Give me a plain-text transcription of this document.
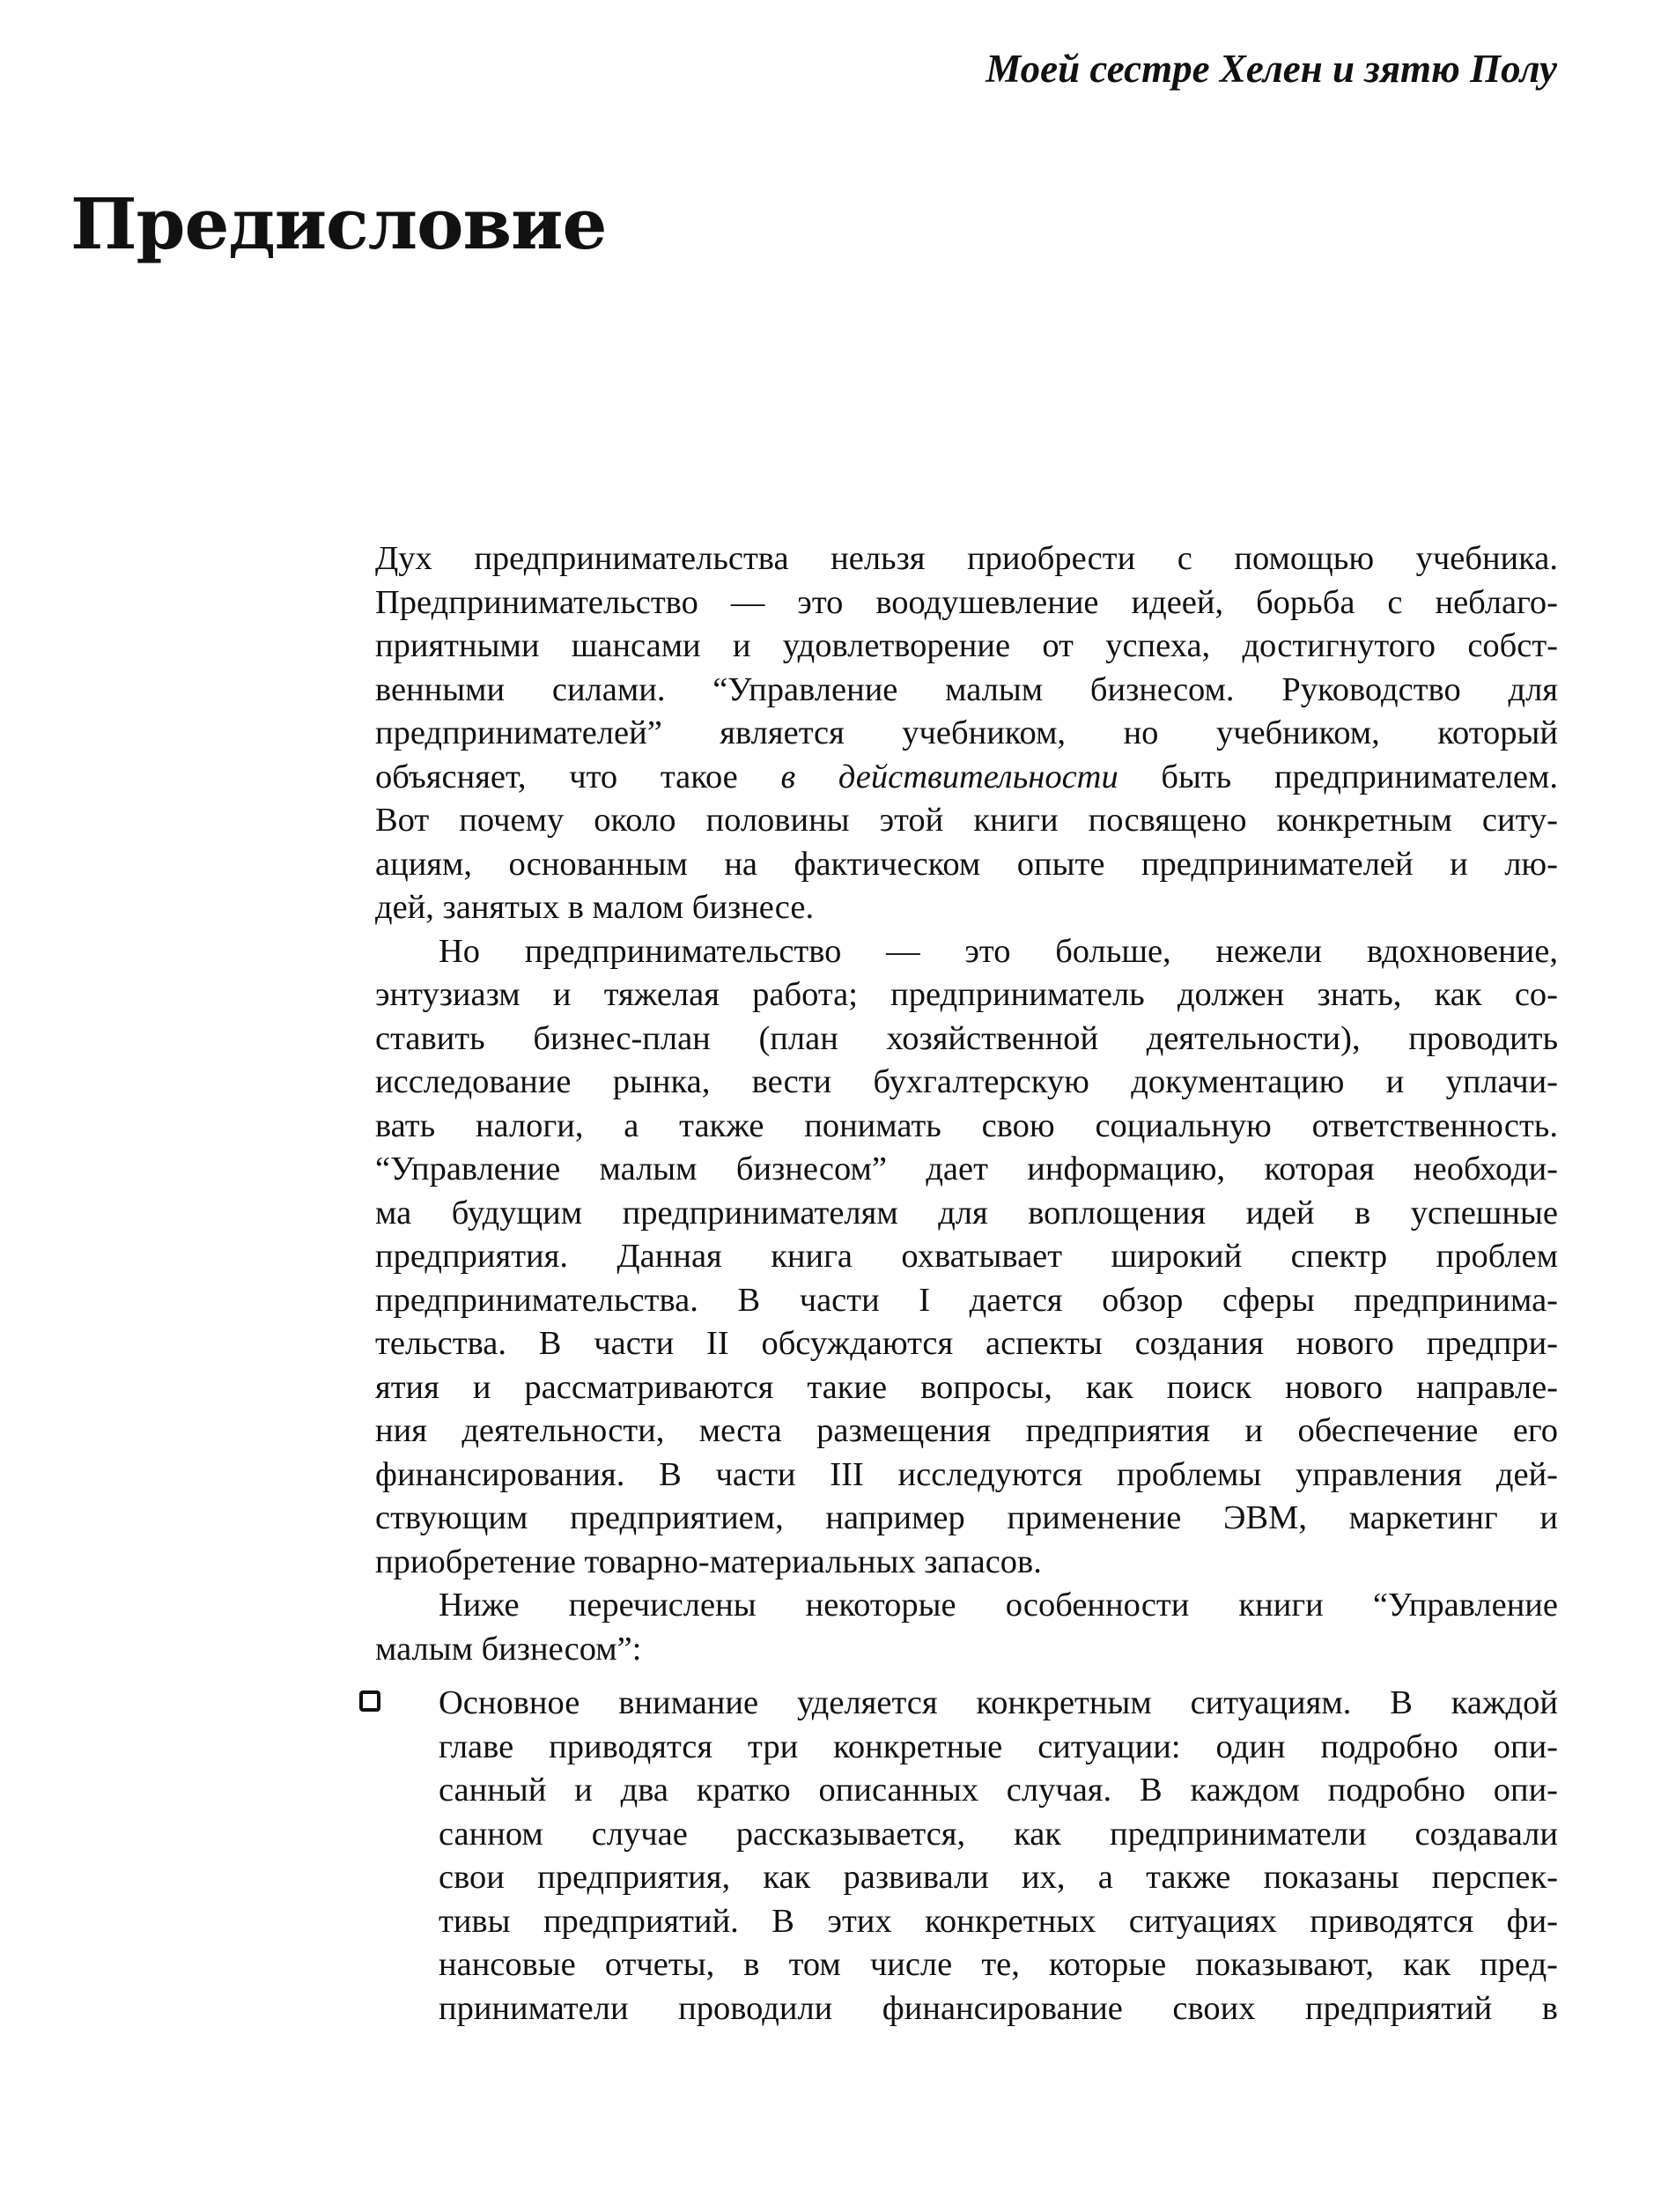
Моей сестре Хелен и зятю Полу
Предисловие
Дух предпринимательства нельзя приобрести с помощью учебника.
Предпринимательство — это воодушевление идеей, борьба с неблаго-
приятными шансами и удовлетворение от успеха, достигнутого собст-
венными силами. “Управление малым бизнесом. Руководство для
предпринимателей” является учебником, но учебником, который
объясняет, что такое в действительности быть предпринимателем.
Вот почему около половины этой книги посвящено конкретным ситу-
ациям, основанным на фактическом опыте предпринимателей и лю-
дей, занятых в малом бизнесе.
Но предпринимательство — это больше, нежели вдохновение,
энтузиазм и тяжелая работа; предприниматель должен знать, как со-
ставить бизнес-план (план хозяйственной деятельности), проводить
исследование рынка, вести бухгалтерскую документацию и уплачи-
вать налоги, а также понимать свою социальную ответственность.
“Управление малым бизнесом” дает информацию, которая необходи-
ма будущим предпринимателям для воплощения идей в успешные
предприятия. Данная книга охватывает широкий спектр проблем
предпринимательства. В части I дается обзор сферы предпринима-
тельства. В части II обсуждаются аспекты создания нового предпри-
ятия и рассматриваются такие вопросы, как поиск нового направле-
ния деятельности, места размещения предприятия и обеспечение его
финансирования. В части III исследуются проблемы управления дей-
ствующим предприятием, например применение ЭВМ, маркетинг и
приобретение товарно-материальных запасов.
Ниже перечислены некоторые особенности книги “Управление
малым бизнесом”:
Основное внимание уделяется конкретным ситуациям. В каждой
главе приводятся три конкретные ситуации: один подробно опи-
санный и два кратко описанных случая. В каждом подробно опи-
санном случае рассказывается, как предприниматели создавали
свои предприятия, как развивали их, а также показаны перспек-
тивы предприятий. В этих конкретных ситуациях приводятся фи-
нансовые отчеты, в том числе те, которые показывают, как пред-
приниматели проводили финансирование своих предприятий в
